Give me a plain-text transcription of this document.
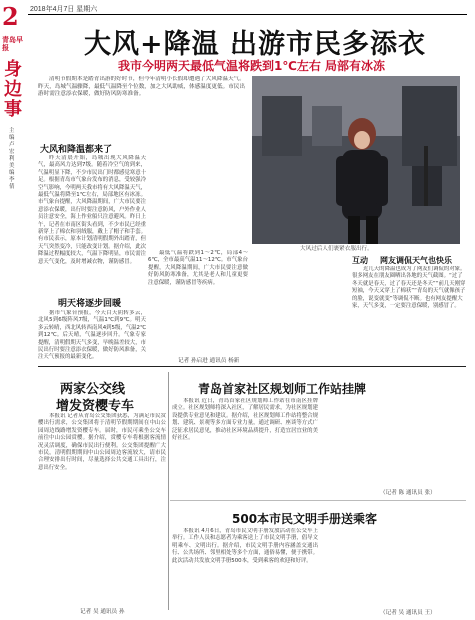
2 2018年4月7日 星期六
青岛早报
身边事
主编 卢宏利 美编 李倩
大风+降温 出游市民多添衣
我市今明两天最低气温将跌到1℃左右 局部有冰冻
清明节假期本是踏青出游的好时节，但今年清明小长假却遭遇了大风降温天气。昨天，岛城气温骤降，最低气温降至个位数，加之大风助威，体感温度更低。市民出游时需注意添衣保暖，做好防风防寒准备。
大风和降温都来了
昨天清晨开始，岛城出现大风降温天气，最高风力达到7级。随着冷空气的到来，气温明显下降，不少市民出门时都感觉寒意十足。根据青岛市气象台发布的消息，受较强冷空气影响，今明两天我市将有大风降温天气，最低气温将降至1℃左右，局部地区有冰冻。市气象台提醒，大风降温期间，广大市民要注意添衣保暖，出行时要注意防风，户外作业人员注意安全，海上作业船只注意避风。昨日上午，记者在市南区街头看到，不少市民已经重新穿上了棉衣和羽绒服，戴上了帽子和手套。有市民表示，原本计划清明假期外出踏青，但天气突然变冷，只能改变计划。据介绍，此次降温过程幅度较大，气温下降明显，市民需注意天气变化，及时增减衣物，谨防感冒。
明天将逐步回暖
据市气象台预报，今天白天阴转多云，北风5到6级阵风7级，气温1℃到9℃。明天多云转晴，西北风转西南风4到5级，气温2℃到12℃。后天晴，气温逐步回升。气象专家提醒，清明假期天气多变，早晚温差较大，市民出行时要注意添衣保暖，做好防风准备，关注天气预报的最新变化。
最低气温将跌到1～2℃，局部4～6℃，全市最高气温11～12℃。市气象台提醒，大风降温期间，广大市民要注意做好防风防寒准备，尤其是老人和儿童更要注意保暖，谨防感冒等疾病。
记者 孙启进 通讯员 杨新
大风过后人们裹紧衣服出行。
互动 网友调侃天气也快乐
近几天的降温也成为了网友们调侃的对象。很多网友在朋友圈晒出各地的天气截图。“过了冬天就是春天，过了春天还是冬天”“前几天刚穿短袖，今天又穿上了棉袄”“青岛的天气就像孩子的脸，说变就变”等调侃不断。也有网友提醒大家，天气多变，一定要注意保暖，别感冒了。
两家公交线
增发资樱专车
本报讯 记者从青岛公交集团获悉，为满足市民赏樱出行需求，公交集团将于清明节假期期间在中山公园周边线路增发资樱专车。届时，市民可乘坐公交车前往中山公园赏樱。据介绍，赏樱专车将根据客流情况灵活调度，确保市民出行便利。公交集团提醒广大市民，清明假期期间中山公园周边客流较大，请市民合理安排出行时间，尽量选择公共交通工具出行，注意出行安全。
记者 吴 通讯员 孙
青岛首家社区规划师工作站挂牌
本报讯 近日，青岛首家社区规划师工作站在市南区挂牌成立。社区规划师将深入社区，了解居民需求，为社区规划建设提供专业意见和建议。据介绍，社区规划师工作站将整合规划、建筑、景观等多方面专业力量，通过调研、座谈等方式广泛征求居民意见，推动社区环境品质提升，打造宜居宜业的美好社区。
（记者 陈 通讯员 张）
500本市民文明手册送乘客
本报讯 4月6日，青岛市民文明手册发放活动在公交车上举行。工作人员和志愿者为乘客送上了市民文明手册，倡导文明乘车、文明出行。据介绍，市民文明手册内容涵盖交通出行、公共场所、邻里相处等多个方面，通俗易懂，便于携带。此次活动共发放文明手册500本，受到乘客的欢迎和好评。
（记者 吴 通讯员 王）
